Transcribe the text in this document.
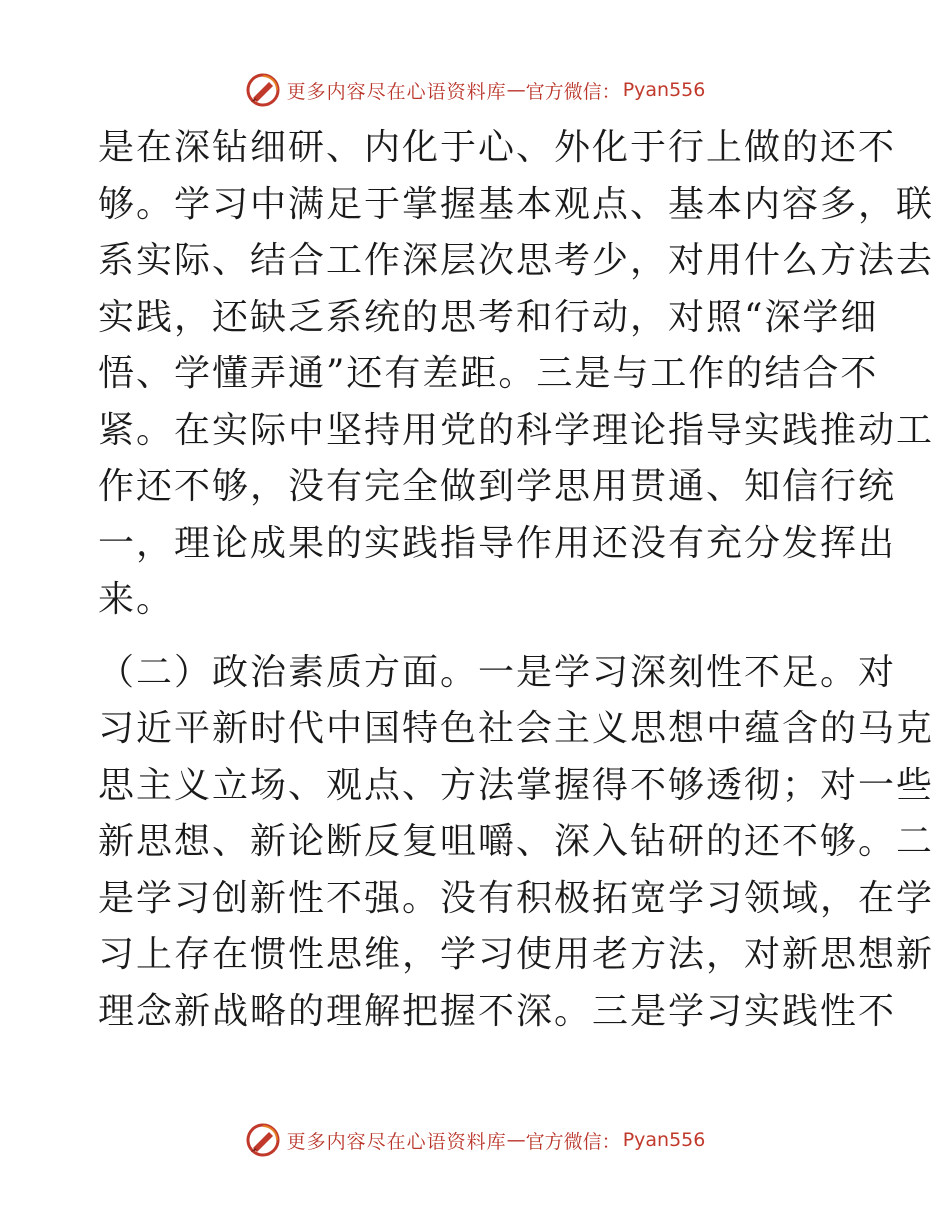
更多内容尽在心语资料库 — 官方微信： Pyan556
是在深钻细研、内化于心、外化于行上做的还不
够。学习中满足于掌握基本观点、基本内容多，联
系实际、结合工作深层次思考少，对用什么方法去
实践，还缺乏系统的思考和行动，对照“深学细
悟、学懂弄通”还有差距。三是与工作的结合不
紧。在实际中坚持用党的科学理论指导实践推动工
作还不够，没有完全做到学思用贯通、知信行统
一，理论成果的实践指导作用还没有充分发挥出
来。
（二）政治素质方面。一是学习深刻性不足。对
习近平新时代中国特色社会主义思想中蕴含的马克
思主义立场、观点、方法掌握得不够透彻；对一些
新思想、新论断反复咀嚼、深入钻研的还不够。二
是学习创新性不强。没有积极拓宽学习领域，在学
习上存在惯性思维，学习使用老方法，对新思想新
理念新战略的理解把握不深。三是学习实践性不
更多内容尽在心语资料库 — 官方微信： Pyan556
